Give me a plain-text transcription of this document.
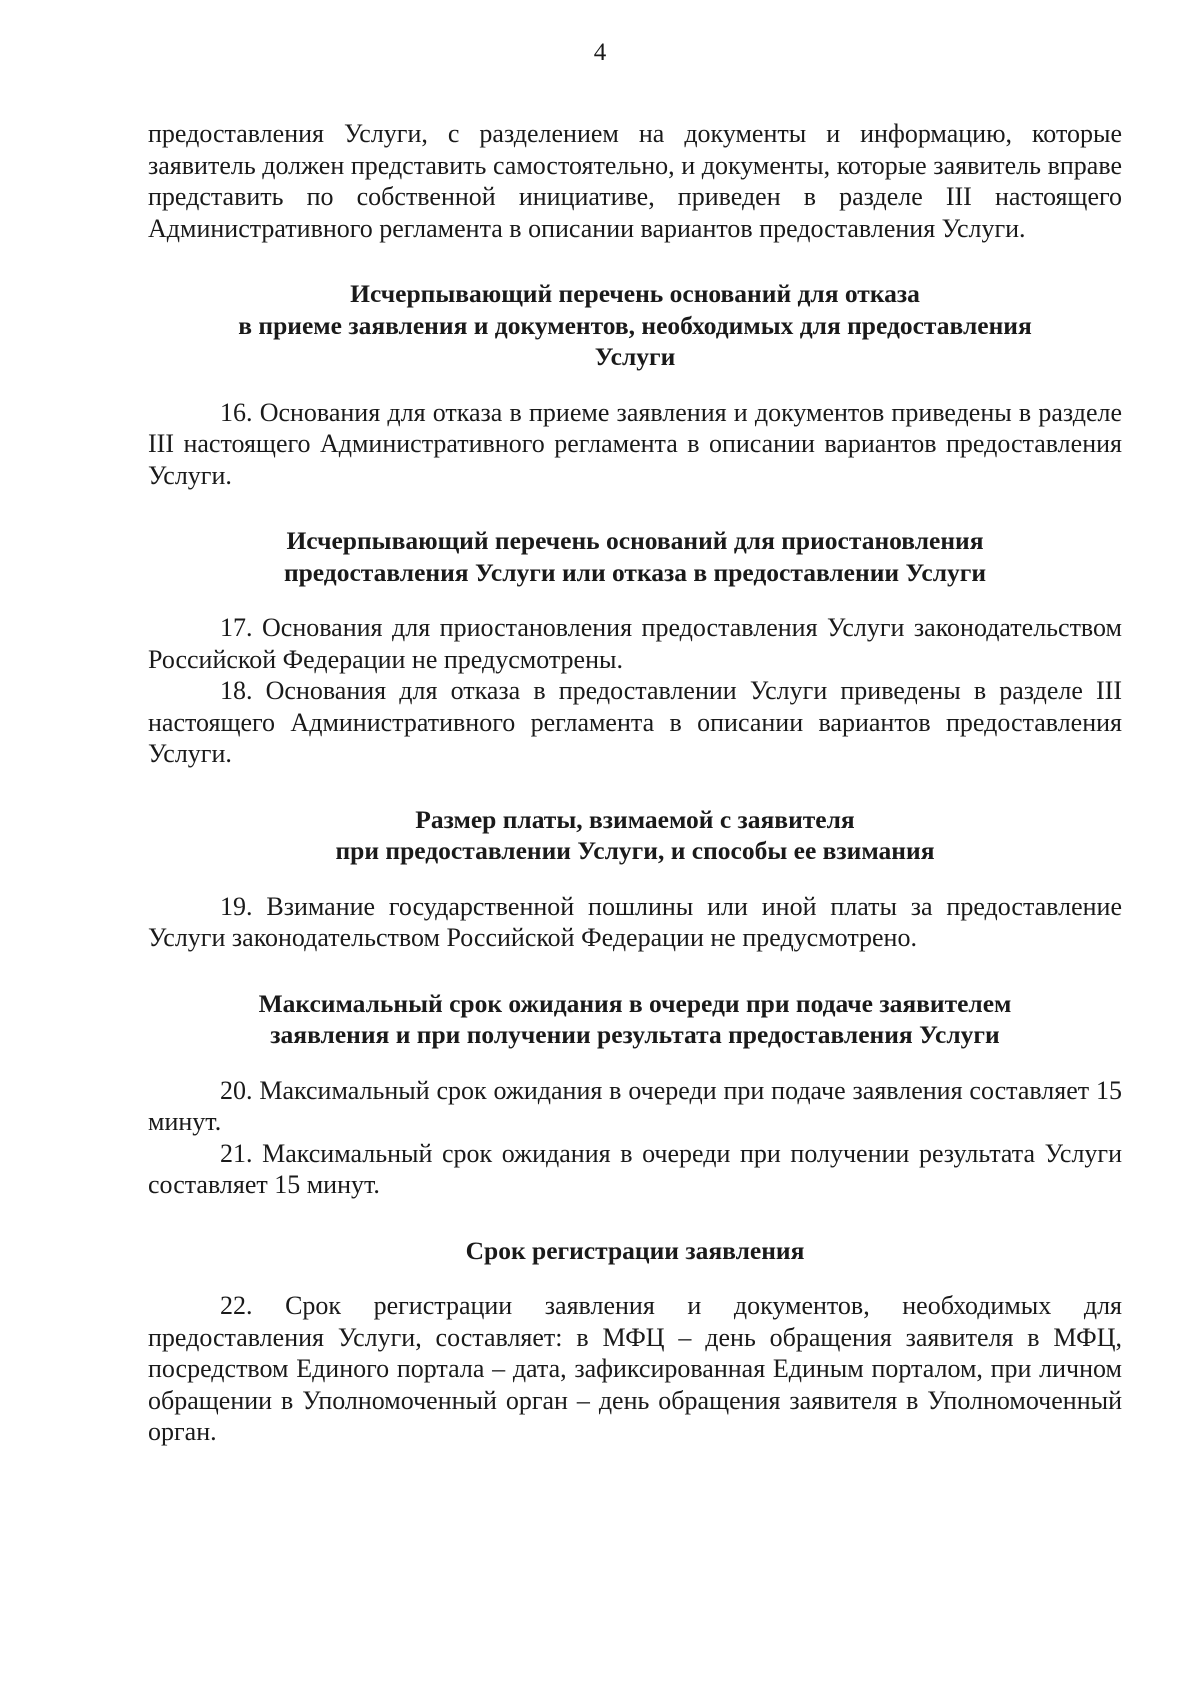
4

предоставления Услуги, с разделением на документы и информацию, которые заявитель должен представить самостоятельно, и документы, которые заявитель вправе представить по собственной инициативе, приведен в разделе III настоящего Административного регламента в описании вариантов предоставления Услуги.

Исчерпывающий перечень оснований для отказа
в приеме заявления и документов, необходимых для предоставления
Услуги

16. Основания для отказа в приеме заявления и документов приведены в разделе III настоящего Административного регламента в описании вариантов предоставления Услуги.

Исчерпывающий перечень оснований для приостановления
предоставления Услуги или отказа в предоставлении Услуги

17. Основания для приостановления предоставления Услуги законодательством Российской Федерации не предусмотрены.

18. Основания для отказа в предоставлении Услуги приведены в разделе III настоящего Административного регламента в описании вариантов предоставления Услуги.

Размер платы, взимаемой с заявителя
при предоставлении Услуги, и способы ее взимания

19. Взимание государственной пошлины или иной платы за предоставление Услуги законодательством Российской Федерации не предусмотрено.

Максимальный срок ожидания в очереди при подаче заявителем
заявления и при получении результата предоставления Услуги

20. Максимальный срок ожидания в очереди при подаче заявления составляет 15 минут.

21. Максимальный срок ожидания в очереди при получении результата Услуги составляет 15 минут.

Срок регистрации заявления

22. Срок регистрации заявления и документов, необходимых для предоставления Услуги, составляет: в МФЦ – день обращения заявителя в МФЦ, посредством Единого портала – дата, зафиксированная Единым порталом, при личном обращении в Уполномоченный орган – день обращения заявителя в Уполномоченный орган.
